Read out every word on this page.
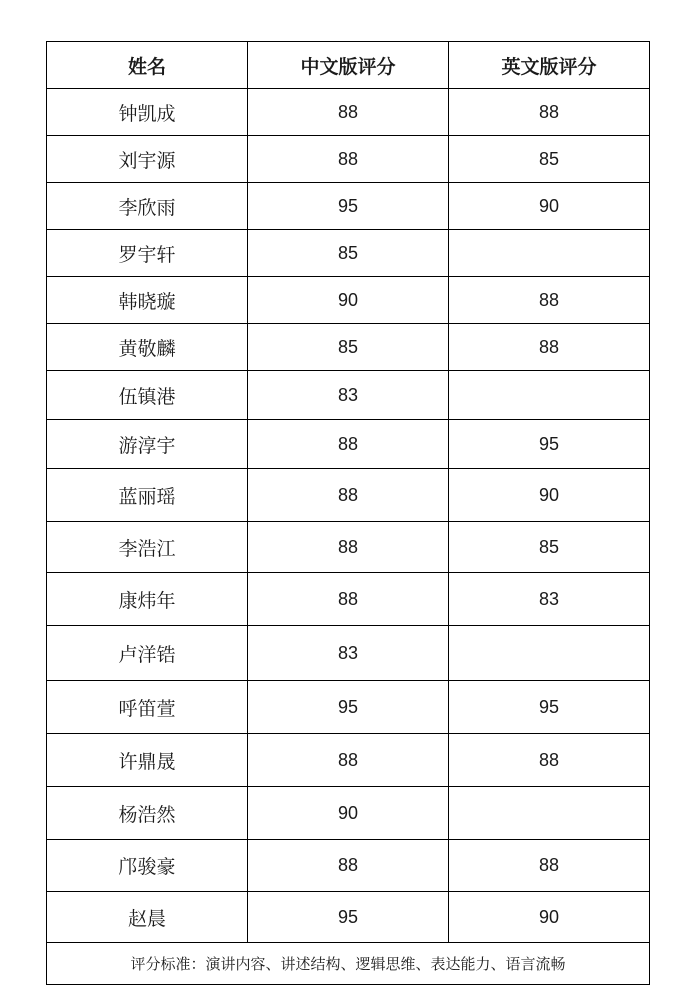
姓名	中文版评分	英文版评分
钟凯成	88	88
刘宇源	88	85
李欣雨	95	90
罗宇轩	85	
韩晓璇	90	88
黄敬麟	85	88
伍镇港	83	
游淳宇	88	95
蓝丽瑶	88	90
李浩江	88	85
康炜年	88	83
卢洋锆	83	
呼笛萱	95	95
许鼎晟	88	88
杨浩然	90	
邝骏豪	88	88
赵晨	95	90
评分标准：演讲内容、讲述结构、逻辑思维、表达能力、语言流畅		
